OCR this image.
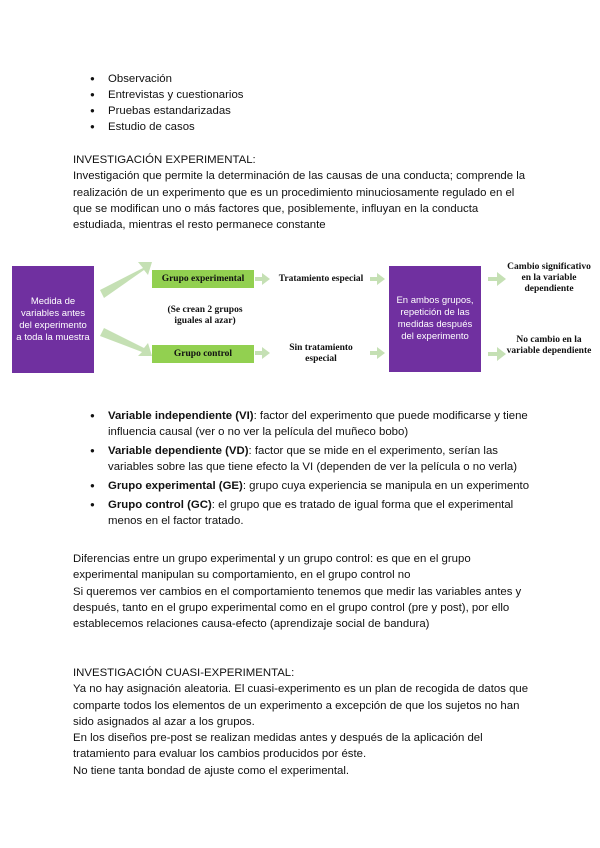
● Observación
● Entrevistas y cuestionarios
● Pruebas estandarizadas
● Estudio de casos

INVESTIGACIÓN EXPERIMENTAL:

Investigación que permite la determinación de las causas de una conducta; comprende la realización de un experimento que es un procedimiento minuciosamente regulado en el que se modifican uno o más factores que, posiblemente, influyan en la conducta estudiada, mientras el resto permanece constante

Medida de variables antes del experimento a toda la muestra
Grupo experimental
Grupo control
(Se crean 2 grupos iguales al azar)
Tratamiento especial
Sin tratamiento especial
En ambos grupos, repetición de las medidas después del experimento
Cambio significativo en la variable dependiente
No cambio en la variable dependiente
● Variable independiente (VI): factor del experimento que puede modificarse y tiene influencia causal (ver o no ver la película del muñeco bobo)
● Variable dependiente (VD): factor que se mide en el experimento, serían las variables sobre las que tiene efecto la VI (dependen de ver la película o no verla)
● Grupo experimental (GE): grupo cuya experiencia se manipula en un experimento
● Grupo control (GC): el grupo que es tratado de igual forma que el experimental menos en el factor tratado.

Diferencias entre un grupo experimental y un grupo control: es que en el grupo experimental manipulan su comportamiento, en el grupo control no

Si queremos ver cambios en el comportamiento tenemos que medir las variables antes y después, tanto en el grupo experimental como en el grupo control (pre y post), por ello establecemos relaciones causa-efecto (aprendizaje social de bandura)

INVESTIGACIÓN CUASI-EXPERIMENTAL:

Ya no hay asignación aleatoria. El cuasi-experimento es un plan de recogida de datos que comparte todos los elementos de un experimento a excepción de que los sujetos no han sido asignados al azar a los grupos.

En los diseños pre-post se realizan medidas antes y después de la aplicación del tratamiento para evaluar los cambios producidos por éste.

No tiene tanta bondad de ajuste como el experimental.
